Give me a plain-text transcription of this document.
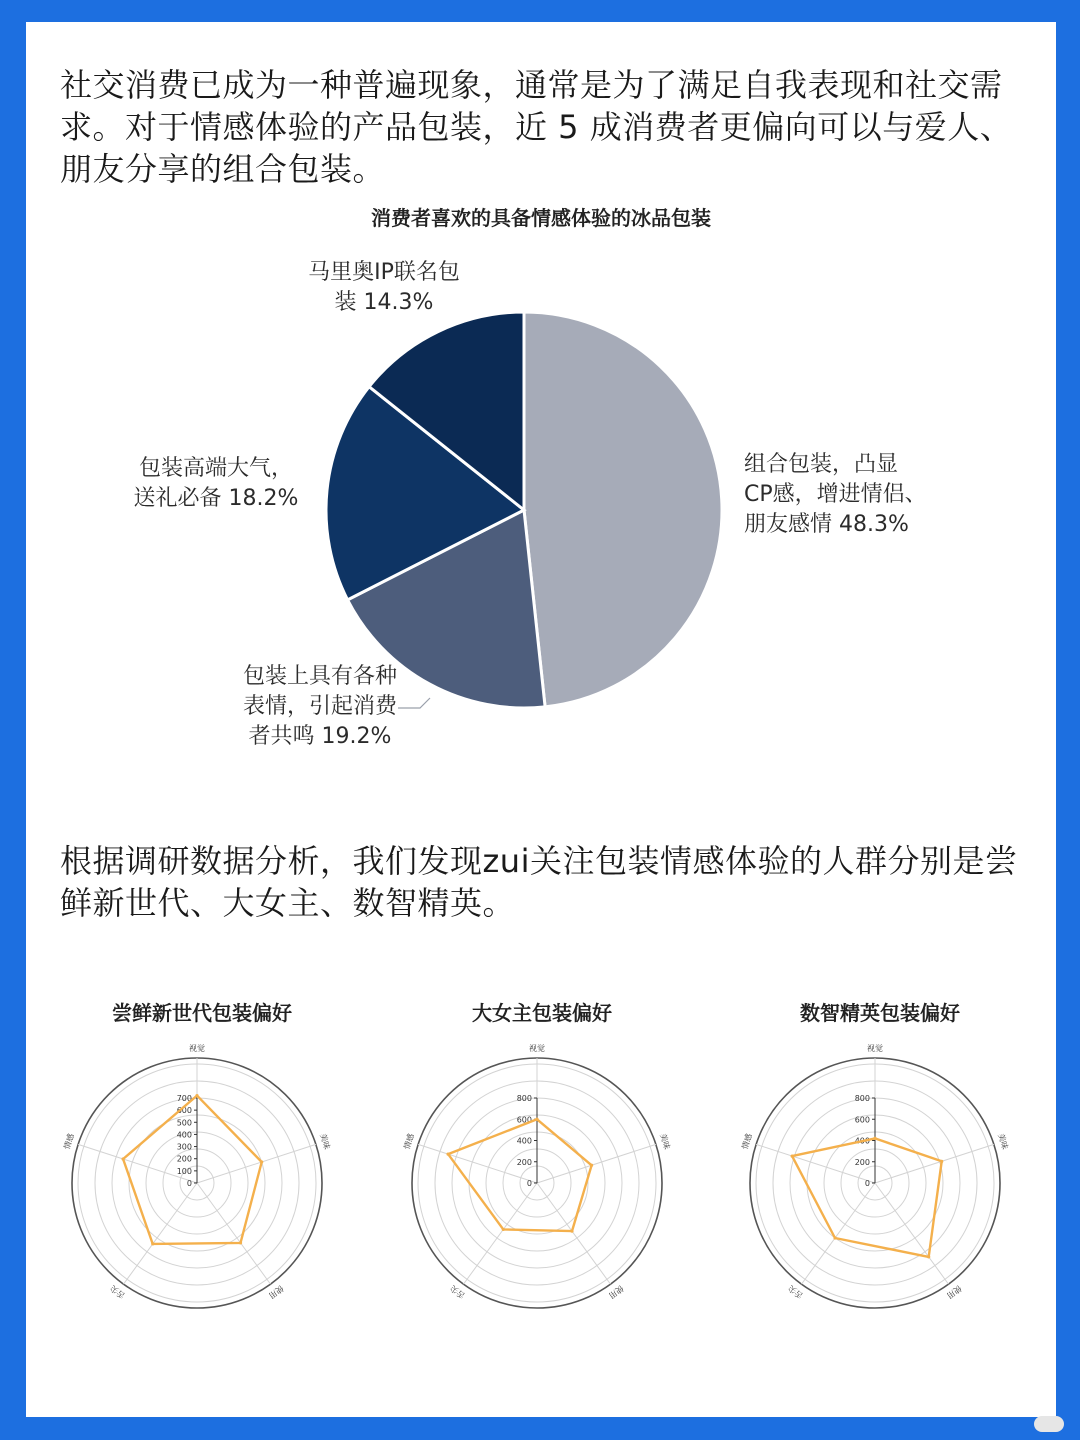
社交消费已成为一种普遍现象，通常是为了满足自我表现和社交需求。对于情感体验的产品包装，近 5 成消费者更偏向可以与爱人、朋友分享的组合包装。

消费者喜欢的具备情感体验的冰品包装

组合包装，凸显
CP感，增进情侣、
朋友感情 48.3%

包装上具有各种
表情，引起消费
者共鸣 19.2%

包装高端大气，
送礼必备 18.2%

马里奥IP联名包
装 14.3%

根据调研数据分析，我们发现zui关注包装情感体验的人群分别是尝鲜新世代、大女主、数智精英。

尝鲜新世代包装偏好	大女主包装偏好	数智精英包装偏好

0
100
200
300
400
500
600
700
视觉
美味
使用
舌尖
情感
0
200
400
600
800
视觉
美味
使用
舌尖
情感
0
200
400
600
800
视觉
美味
使用
舌尖
情感
